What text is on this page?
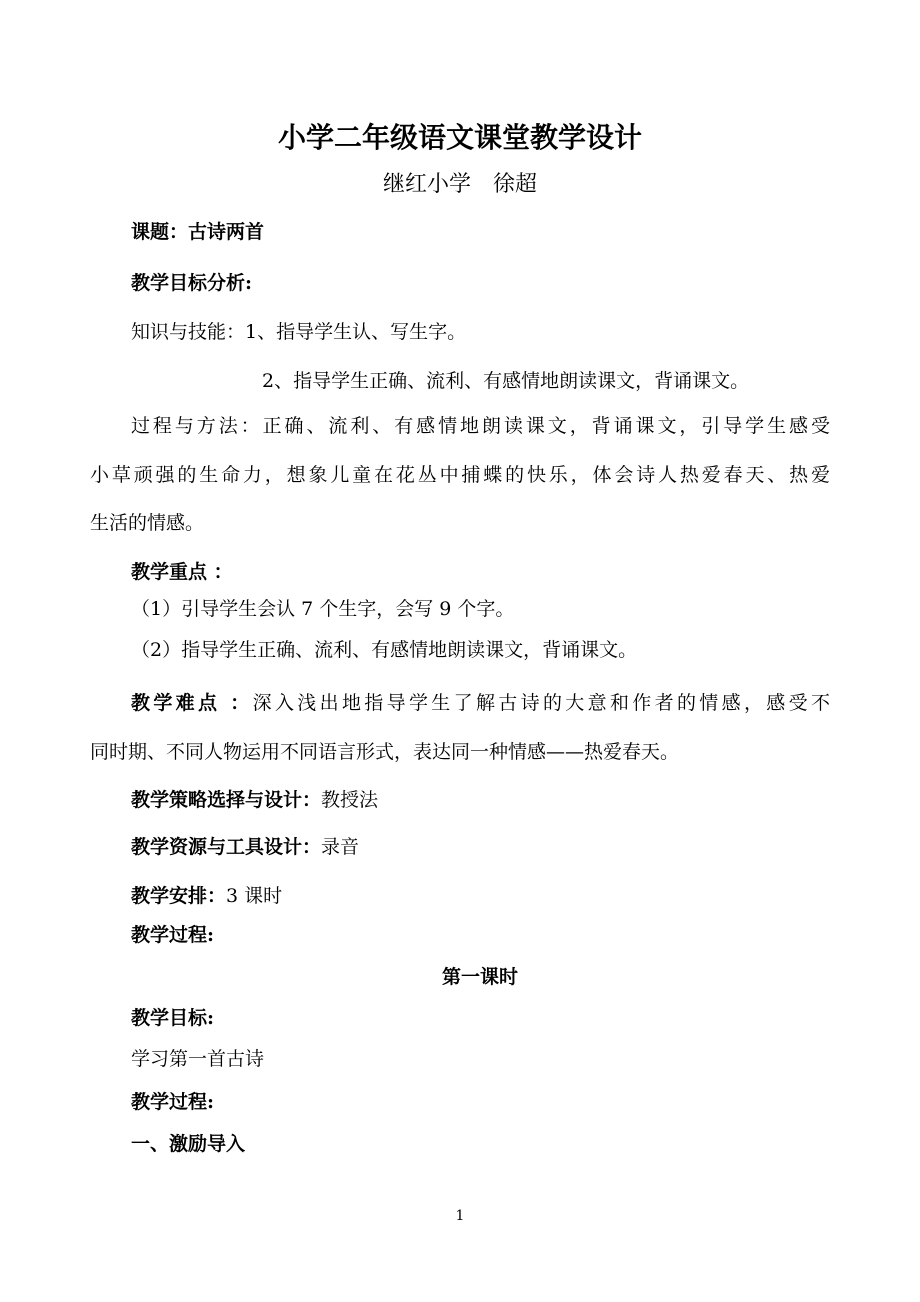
小学二年级语文课堂教学设计
继红小学　徐超
课题：古诗两首
教学目标分析:
知识与技能：1、指导学生认、写生字。
2、指导学生正确、流利、有感情地朗读课文，背诵课文。
过程与方法：正确、流利、有感情地朗读课文，背诵课文，引导学生感受
小草顽强的生命力，想象儿童在花丛中捕蝶的快乐，体会诗人热爱春天、热爱
生活的情感。
教学重点 ：
（1）引导学生会认 7 个生字，会写 9 个字。
（2）指导学生正确、流利、有感情地朗读课文，背诵课文。
教学难点 ：深入浅出地指导学生了解古诗的大意和作者的情感，感受不
同时期、不同人物运用不同语言形式，表达同一种情感——热爱春天。
教学策略选择与设计：教授法
教学资源与工具设计：录音
教学安排：3 课时
教学过程:
第一课时
教学目标:
学习第一首古诗
教学过程:
一、激励导入
1
